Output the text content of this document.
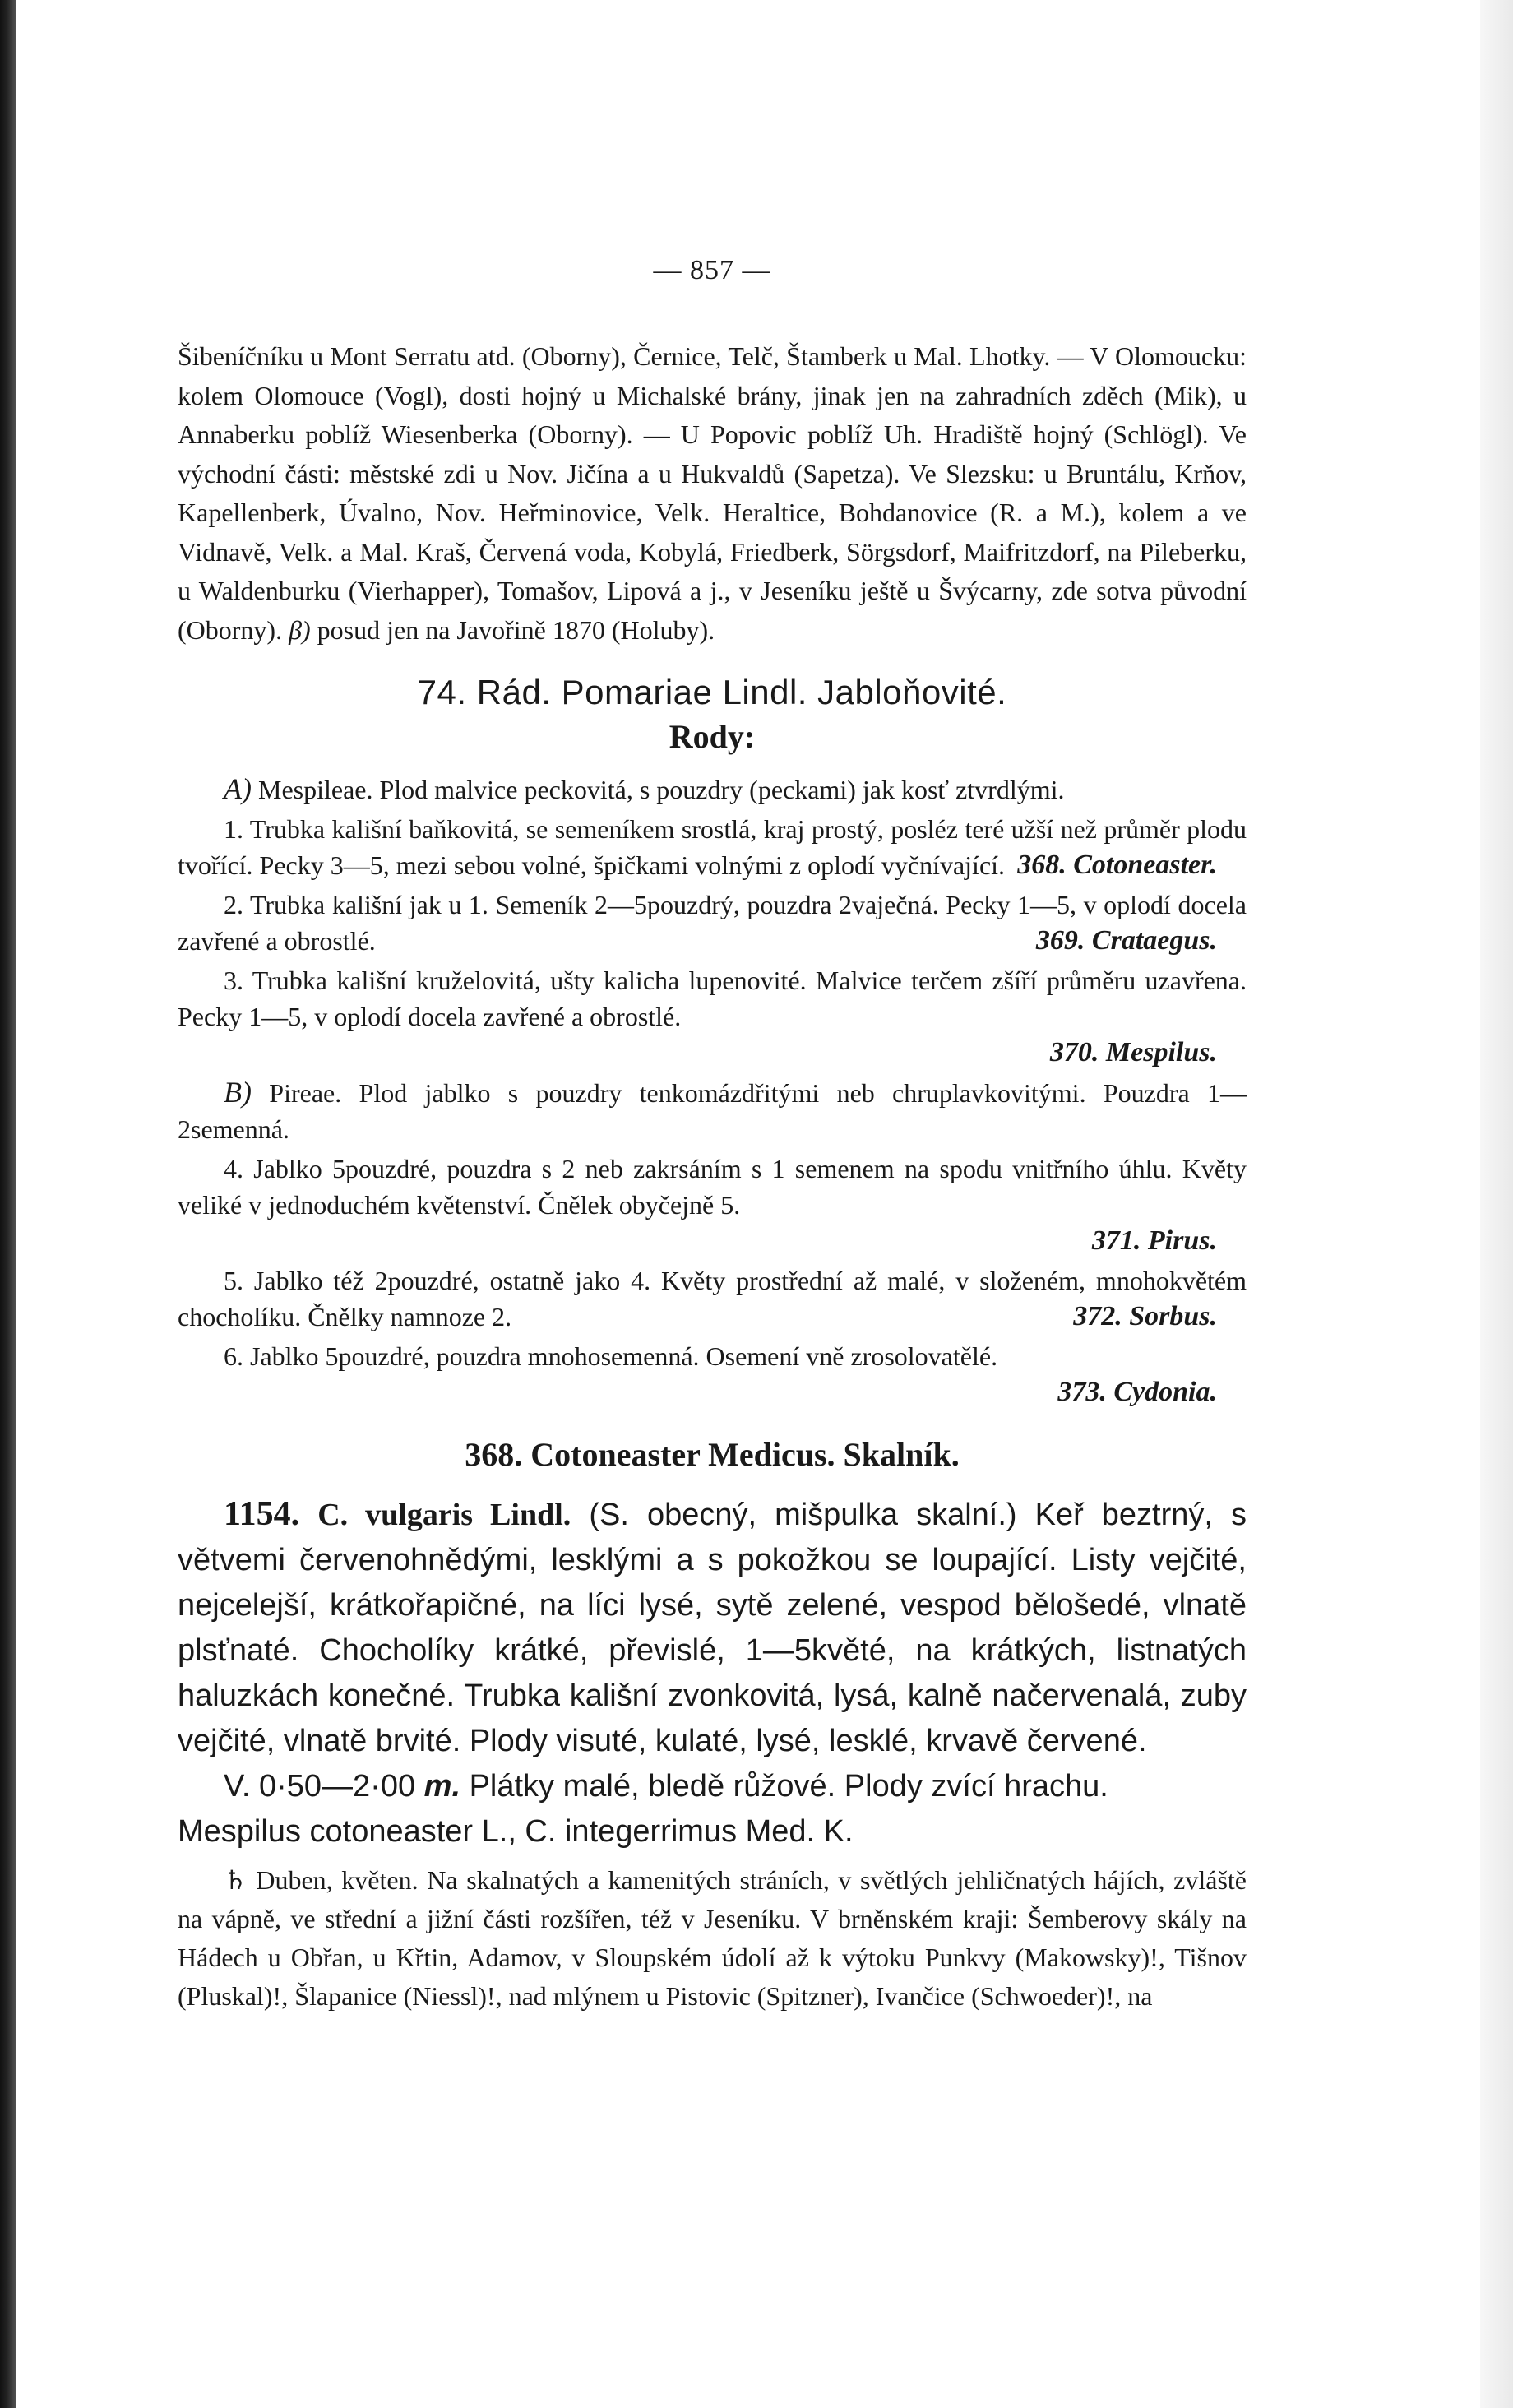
— 857 —

Šibeníčníku u Mont Serratu atd. (Oborny), Černice, Telč, Štamberk u Mal. Lhotky. — V Olomoucku: kolem Olomouce (Vogl), dosti hojný u Michalské brány, jinak jen na zahradních zděch (Mik), u Annaberku poblíž Wiesenberka (Oborny). — U Popovic poblíž Uh. Hradiště hojný (Schlögl). Ve východní části: městské zdi u Nov. Jičína a u Hukvaldů (Sapetza). Ve Slezsku: u Bruntálu, Krňov, Kapellenberk, Úvalno, Nov. Heřminovice, Velk. Heraltice, Bohdanovice (R. a M.), kolem a ve Vidnavě, Velk. a Mal. Kraš, Červená voda, Kobylá, Friedberk, Sörgsdorf, Maifritzdorf, na Pileberku, u Waldenburku (Vierhapper), Tomašov, Lipová a j., v Jeseníku ještě u Švýcarny, zde sotva původní (Oborny). β) posud jen na Javořině 1870 (Holuby).

74. Rád. Pomariae Lindl. Jabloňovité.

Rody:

A) Mespileae. Plod malvice peckovitá, s pouzdry (peckami) jak kosť ztvrdlými.

1. Trubka kališní baňkovitá, se semeníkem srostlá, kraj prostý, posléz teré užší než průměr plodu tvořící. Pecky 3—5, mezi sebou volné, špičkami volnými z oplodí vyčnívající. 368. Cotoneaster.

2. Trubka kališní jak u 1. Semeník 2—5pouzdrý, pouzdra 2vaječná. Pecky 1—5, v oplodí docela zavřené a obrostlé.	369. Crataegus.

3. Trubka kališní kruželovitá, ušty kalicha lupenovité. Malvice terčem zšíří průměru uzavřena. Pecky 1—5, v oplodí docela zavřené a obrostlé.

370. Mespilus.

B) Pireae. Plod jablko s pouzdry tenkomázdřitými neb chruplavkovitými. Pouzdra 1—2semenná.

4. Jablko 5pouzdré, pouzdra s 2 neb zakrsáním s 1 semenem na spodu vnitřního úhlu. Květy veliké v jednoduchém květenství. Čnělek obyčejně 5.

371. Pirus.

5. Jablko též 2pouzdré, ostatně jako 4. Květy prostřední až malé, v složeném, mnohokvětém chocholíku. Čnělky namnoze 2.	372. Sorbus.

6. Jablko 5pouzdré, pouzdra mnohosemenná. Osemení vně zrosolovatělé.

373. Cydonia.

368. Cotoneaster Medicus. Skalník.

1154. C. vulgaris Lindl. (S. obecný, mišpulka skalní.) Keř beztrný, s větvemi červenohnědými, lesklými a s pokožkou se loupající. Listy vejčité, nejcelejší, krátkořapičné, na líci lysé, sytě zelené, vespod bělošedé, vlnatě plsťnaté. Chocholíky krátké, převislé, 1—5květé, na krátkých, listnatých haluzkách konečné. Trubka kališní zvonkovitá, lysá, kalně načervenalá, zuby vejčité, vlnatě brvité. Plody visuté, kulaté, lysé, lesklé, krvavě červené.

V. 0·50—2·00 m. Plátky malé, bledě růžové. Plody zvící hrachu.

Mespilus cotoneaster L., C. integerrimus Med. K.

♄ Duben, květen. Na skalnatých a kamenitých stráních, v světlých jehličnatých hájích, zvláště na vápně, ve střední a jižní části rozšířen, též v Jeseníku. V brněnském kraji: Šemberovy skály na Hádech u Obřan, u Křtin, Adamov, v Sloupském údolí až k výtoku Punkvy (Makowsky)!, Tišnov (Pluskal)!, Šlapanice (Niessl)!, nad mlýnem u Pistovic (Spitzner), Ivančice (Schwoeder)!, na
